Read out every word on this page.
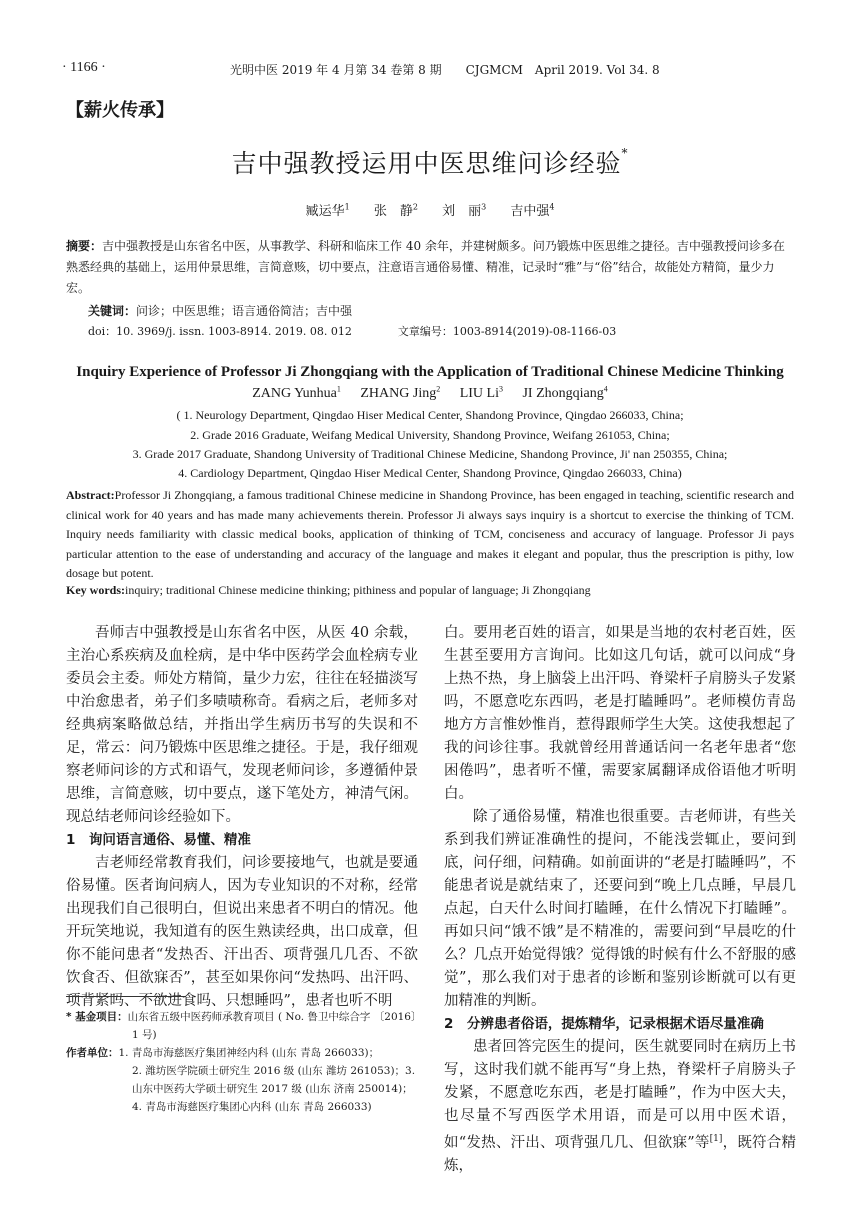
· 1166 ·	光明中医 2019 年 4 月第 34 卷第 8 期　　CJGMCM　April 2019. Vol 34. 8
【薪火传承】
吉中强教授运用中医思维问诊经验*
臧运华$^1$ 张　静$^2$ 刘　丽$^3$ 吉中强$^4$
摘要：吉中强教授是山东省名中医，从事教学、科研和临床工作 40 余年，并建树颇多。问乃锻炼中医思维之捷径。吉中强教授问诊多在熟悉经典的基础上，运用仲景思维，言简意赅，切中要点，注意语言通俗易懂、精准，记录时“雅”与“俗”结合，故能处方精简，量少力宏。
关键词：问诊；中医思维；语言通俗简洁；吉中强
doi：10. 3969/j. issn. 1003-8914. 2019. 08. 012	文章编号：1003-8914(2019)-08-1166-03
Inquiry Experience of Professor Ji Zhongqiang with the Application of Traditional Chinese Medicine Thinking
ZANG Yunhua$^1$ ZHANG Jing$^2$ LIU Li$^3$ JI Zhongqiang$^4$
( 1. Neurology Department, Qingdao Hiser Medical Center, Shandong Province, Qingdao 266033, China;
2. Grade 2016 Graduate, Weifang Medical University, Shandong Province, Weifang 261053, China;
3. Grade 2017 Graduate, Shandong University of Traditional Chinese Medicine, Shandong Province, Ji' nan 250355, China;
4. Cardiology Department, Qingdao Hiser Medical Center, Shandong Province, Qingdao 266033, China)
Abstract:Professor Ji Zhongqiang, a famous traditional Chinese medicine in Shandong Province, has been engaged in teaching, scientific research and clinical work for 40 years and has made many achievements therein. Professor Ji always says inquiry is a shortcut to exercise the thinking of TCM. Inquiry needs familiarity with classic medical books, application of thinking of TCM, conciseness and accuracy of language. Professor Ji pays particular attention to the ease of understanding and accuracy of the language and makes it elegant and popular, thus the prescription is pithy, low dosage but potent.
Key words:inquiry; traditional Chinese medicine thinking; pithiness and popular of language; Ji Zhongqiang

吾师吉中强教授是山东省名中医，从医 40 余载，主治心系疾病及血栓病，是中华中医药学会血栓病专业委员会主委。师处方精简，量少力宏，往往在轻描淡写中治愈患者，弟子们多啧啧称奇。看病之后，老师多对经典病案略做总结，并指出学生病历书写的失误和不足，常云：问乃锻炼中医思维之捷径。于是，我仔细观察老师问诊的方式和语气，发现老师问诊，多遵循仲景思维，言简意赅，切中要点，遂下笔处方，神清气闲。现总结老师问诊经验如下。

1　询问语言通俗、易懂、精准

吉老师经常教育我们，问诊要接地气，也就是要通俗易懂。医者询问病人，因为专业知识的不对称，经常出现我们自己很明白，但说出来患者不明白的情况。他开玩笑地说，我知道有的医生熟读经典，出口成章，但你不能问患者“发热否、汗出否、项背强几几否、不欲饮食否、但欲寐否”，甚至如果你问“发热吗、出汗吗、项背紧吗、不欲进食吗、只想睡吗”，患者也听不明

白。要用老百姓的语言，如果是当地的农村老百姓，医生甚至要用方言询问。比如这几句话，就可以问成“身上热不热，身上脑袋上出汗吗、脊梁杆子肩膀头子发紧吗，不愿意吃东西吗，老是打瞌睡吗”。老师模仿青岛地方方言惟妙惟肖，惹得跟师学生大笑。这使我想起了我的问诊往事。我就曾经用普通话问一名老年患者“您困倦吗”，患者听不懂，需要家属翻译成俗语他才听明白。

除了通俗易懂，精准也很重要。吉老师讲，有些关系到我们辨证准确性的提问，不能浅尝辄止，要问到底，问仔细，问精确。如前面讲的“老是打瞌睡吗”，不能患者说是就结束了，还要问到“晚上几点睡，早晨几点起，白天什么时间打瞌睡，在什么情况下打瞌睡”。再如只问“饿不饿”是不精准的，需要问到“早晨吃的什么？几点开始觉得饿？觉得饿的时候有什么不舒服的感觉”，那么我们对于患者的诊断和鉴别诊断就可以有更加精准的判断。

2　分辨患者俗语，提炼精华，记录根据术语尽量准确

患者回答完医生的提问，医生就要同时在病历上书写，这时我们就不能再写“身上热，脊梁杆子肩膀头子发紧，不愿意吃东西，老是打瞌睡”，作为中医大夫，也尽量不写西医学术用语，而是可以用中医术语，如“发热、汗出、项背强几几、但欲寐”等[1]，既符合精炼，

* 基金项目：山东省五级中医药师承教育项目 ( No. 鲁卫中综合字 〔2016〕1 号)
作者单位：1. 青岛市海慈医疗集团神经内科 (山东 青岛 266033)；
2. 潍坊医学院硕士研究生 2016 级 (山东 潍坊 261053)；3.
山东中医药大学硕士研究生 2017 级 (山东 济南 250014)；
4. 青岛市海慈医疗集团心内科 (山东 青岛 266033)
